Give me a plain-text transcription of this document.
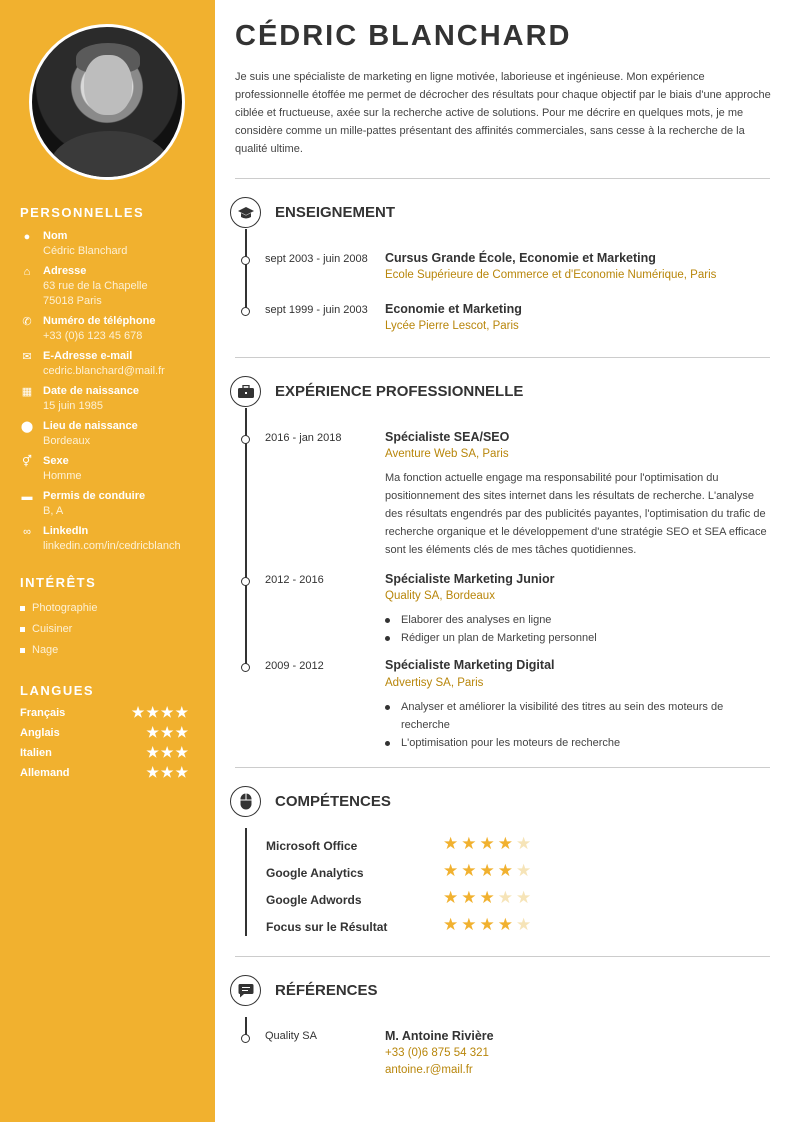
PERSONNELLES
●	Nom
Cédric Blanchard
⌂	Adresse
63 rue de la Chapelle
75018 Paris
✆ Numéro de téléphone
+33 (0)6 123 45 678
✉ E-Adresse e-mail
cedric.blanchard@mail.fr
▦ Date de naissance
15 juin 1985
⬤ Lieu de naissance
Bordeaux
⚥ Sexe
Homme
▬ Permis de conduire
B, A
∞ LinkedIn
linkedin.com/in/cedricblanch
INTÉRÊTS
Photographie
Cuisiner
Nage
LANGUES
Français	★★★★
Anglais	★★★
Italien	★★★
Allemand	★★★
CÉDRIC BLANCHARD
Je suis une spécialiste de marketing en ligne motivée, laborieuse et ingénieuse. Mon expérience professionnelle étoffée me permet de décrocher des résultats pour chaque objectif par le biais d'une approche ciblée et fructueuse, axée sur la recherche active de solutions. Pour me décrire en quelques mots, je me considère comme un mille-pattes présentant des affinités commerciales, sans cesse à la recherche de la qualité ultime.
ENSEIGNEMENT
sept 2003 - juin 2008 Cursus Grande École, Economie et Marketing
Ecole Supérieure de Commerce et d'Economie Numérique, Paris
sept 1999 - juin 2003 Economie et Marketing
Lycée Pierre Lescot, Paris
EXPÉRIENCE PROFESSIONNELLE
2016 - jan 2018	Spécialiste SEA/SEO
Aventure Web SA, Paris
Ma fonction actuelle engage ma responsabilité pour l'optimisation du positionnement des sites internet dans les résultats de recherche. L'analyse des résultats engendrés par des publicités payantes, l'optimisation du trafic de recherche organique et le développement d'une stratégie SEO et SEA efficace sont les éléments clés de mes tâches quotidiennes.
2012 - 2016	Spécialiste Marketing Junior
Quality SA, Bordeaux
Elaborer des analyses en ligne
Rédiger un plan de Marketing personnel
2009 - 2012	Spécialiste Marketing Digital
Advertisy SA, Paris
Analyser et améliorer la visibilité des titres au sein des moteurs de recherche
L'optimisation pour les moteurs de recherche
COMPÉTENCES
Microsoft Office	★★★★★
Google Analytics	★★★★★
Google Adwords	★★★★★
Focus sur le Résultat	★★★★★
RÉFÉRENCES
Quality SA	M. Antoine Rivière
+33 (0)6 875 54 321
antoine.r@mail.fr
